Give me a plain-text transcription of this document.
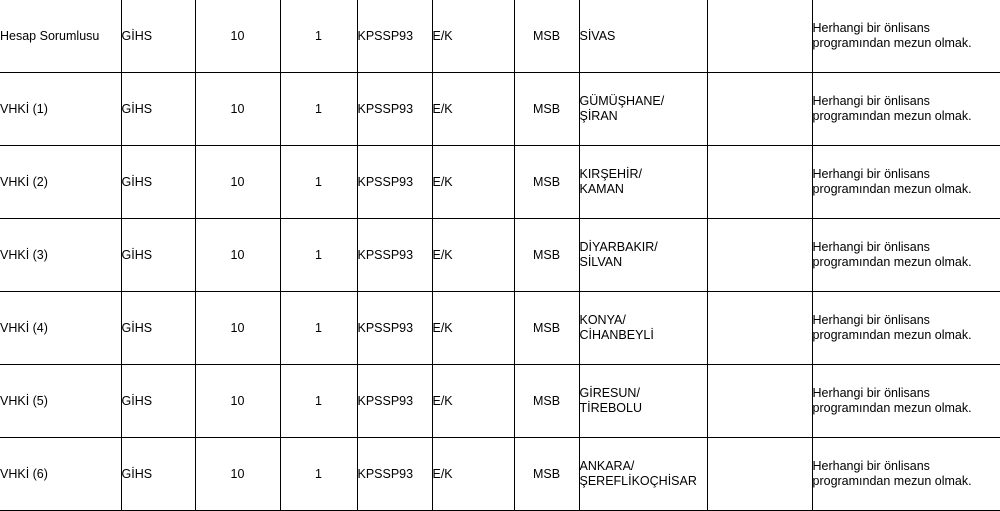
Hesap Sorumlusu	GİHS	10	1	KPSSP93	E/K	MSB	SİVAS		Herhangi bir önlisans
programından mezun olmak.

VHKİ (1)	GİHS	10	1	KPSSP93	E/K	MSB	GÜMÜŞHANE/
ŞİRAN		Herhangi bir önlisans
programından mezun olmak.

VHKİ (2)	GİHS	10	1	KPSSP93	E/K	MSB	KIRŞEHİR/
KAMAN		Herhangi bir önlisans
programından mezun olmak.

VHKİ (3)	GİHS	10	1	KPSSP93	E/K	MSB	DİYARBAKIR/
SİLVAN		Herhangi bir önlisans
programından mezun olmak.

VHKİ (4)	GİHS	10	1	KPSSP93	E/K	MSB	KONYA/
CİHANBEYLİ		Herhangi bir önlisans
programından mezun olmak.

VHKİ (5)	GİHS	10	1	KPSSP93	E/K	MSB	GİRESUN/
TİREBOLU		Herhangi bir önlisans
programından mezun olmak.

VHKİ (6)	GİHS	10	1	KPSSP93	E/K	MSB	ANKARA/
ŞEREFLİKOÇHİSAR		Herhangi bir önlisans
programından mezun olmak.
